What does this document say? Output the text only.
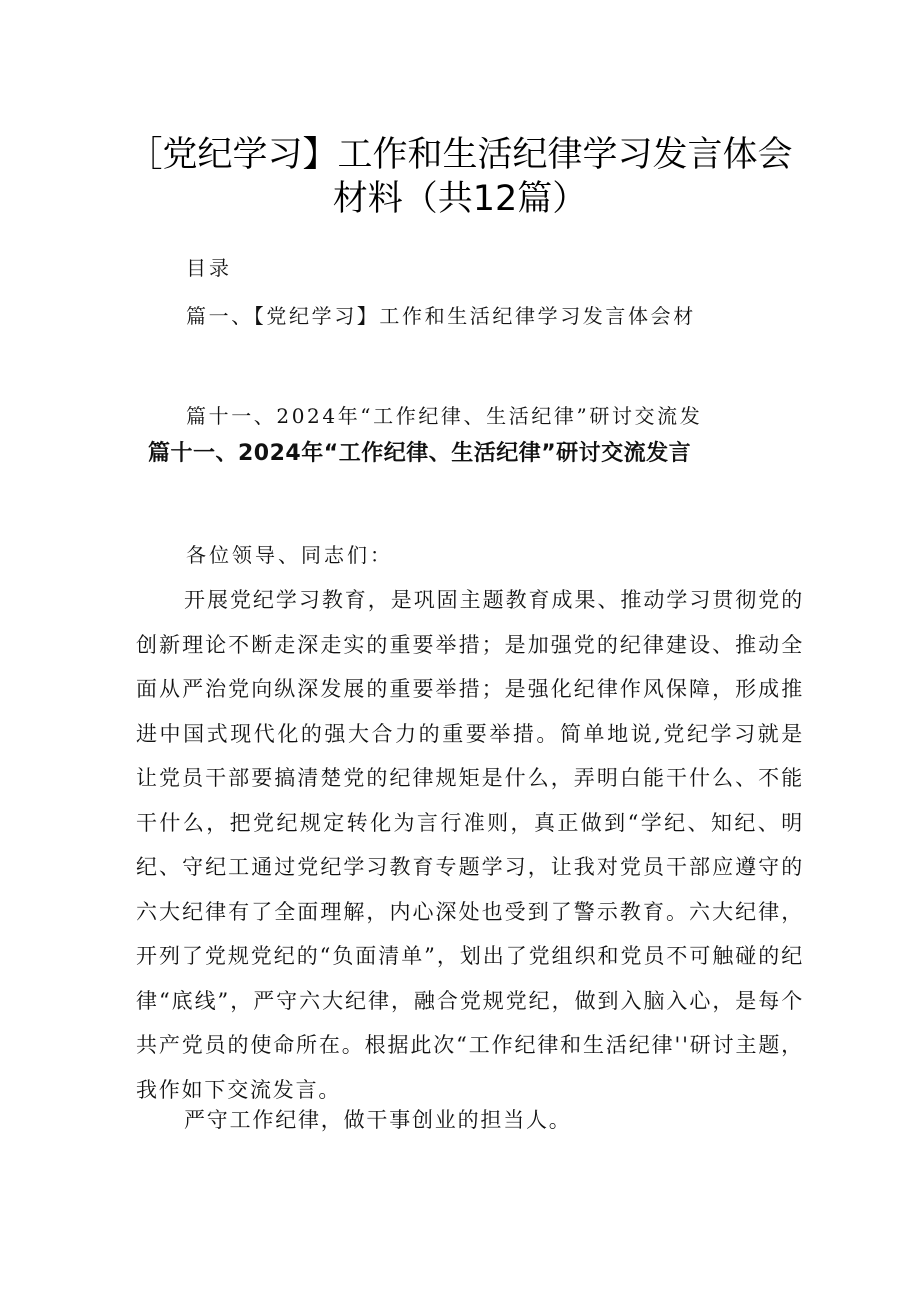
［党纪学习】工作和生活纪律学习发言体会
材料（共12篇）
目录
篇一、【党纪学习】工作和生活纪律学习发言体会材
篇十一、2024年“工作纪律、生活纪律”研讨交流发
篇十一、2024年“工作纪律、生活纪律”研讨交流发言
各位领导、同志们：

开展党纪学习教育，是巩固主题教育成果、推动学习贯彻党的创新理论不断走深走实的重要举措；是加强党的纪律建设、推动全面从严治党向纵深发展的重要举措；是强化纪律作风保障，形成推进中国式现代化的强大合力的重要举措。简单地说,党纪学习就是让党员干部要搞清楚党的纪律规矩是什么，弄明白能干什么、不能干什么，把党纪规定转化为言行准则，真正做到“学纪、知纪、明纪、守纪工通过党纪学习教育专题学习，让我对党员干部应遵守的六大纪律有了全面理解，内心深处也受到了警示教育。六大纪律，开列了党规党纪的“负面清单”，划出了党组织和党员不可触碰的纪律“底线”，严守六大纪律，融合党规党纪，做到入脑入心，是每个共产党员的使命所在。根据此次“工作纪律和生活纪律''研讨主题，我作如下交流发言。

严守工作纪律，做干事创业的担当人。
